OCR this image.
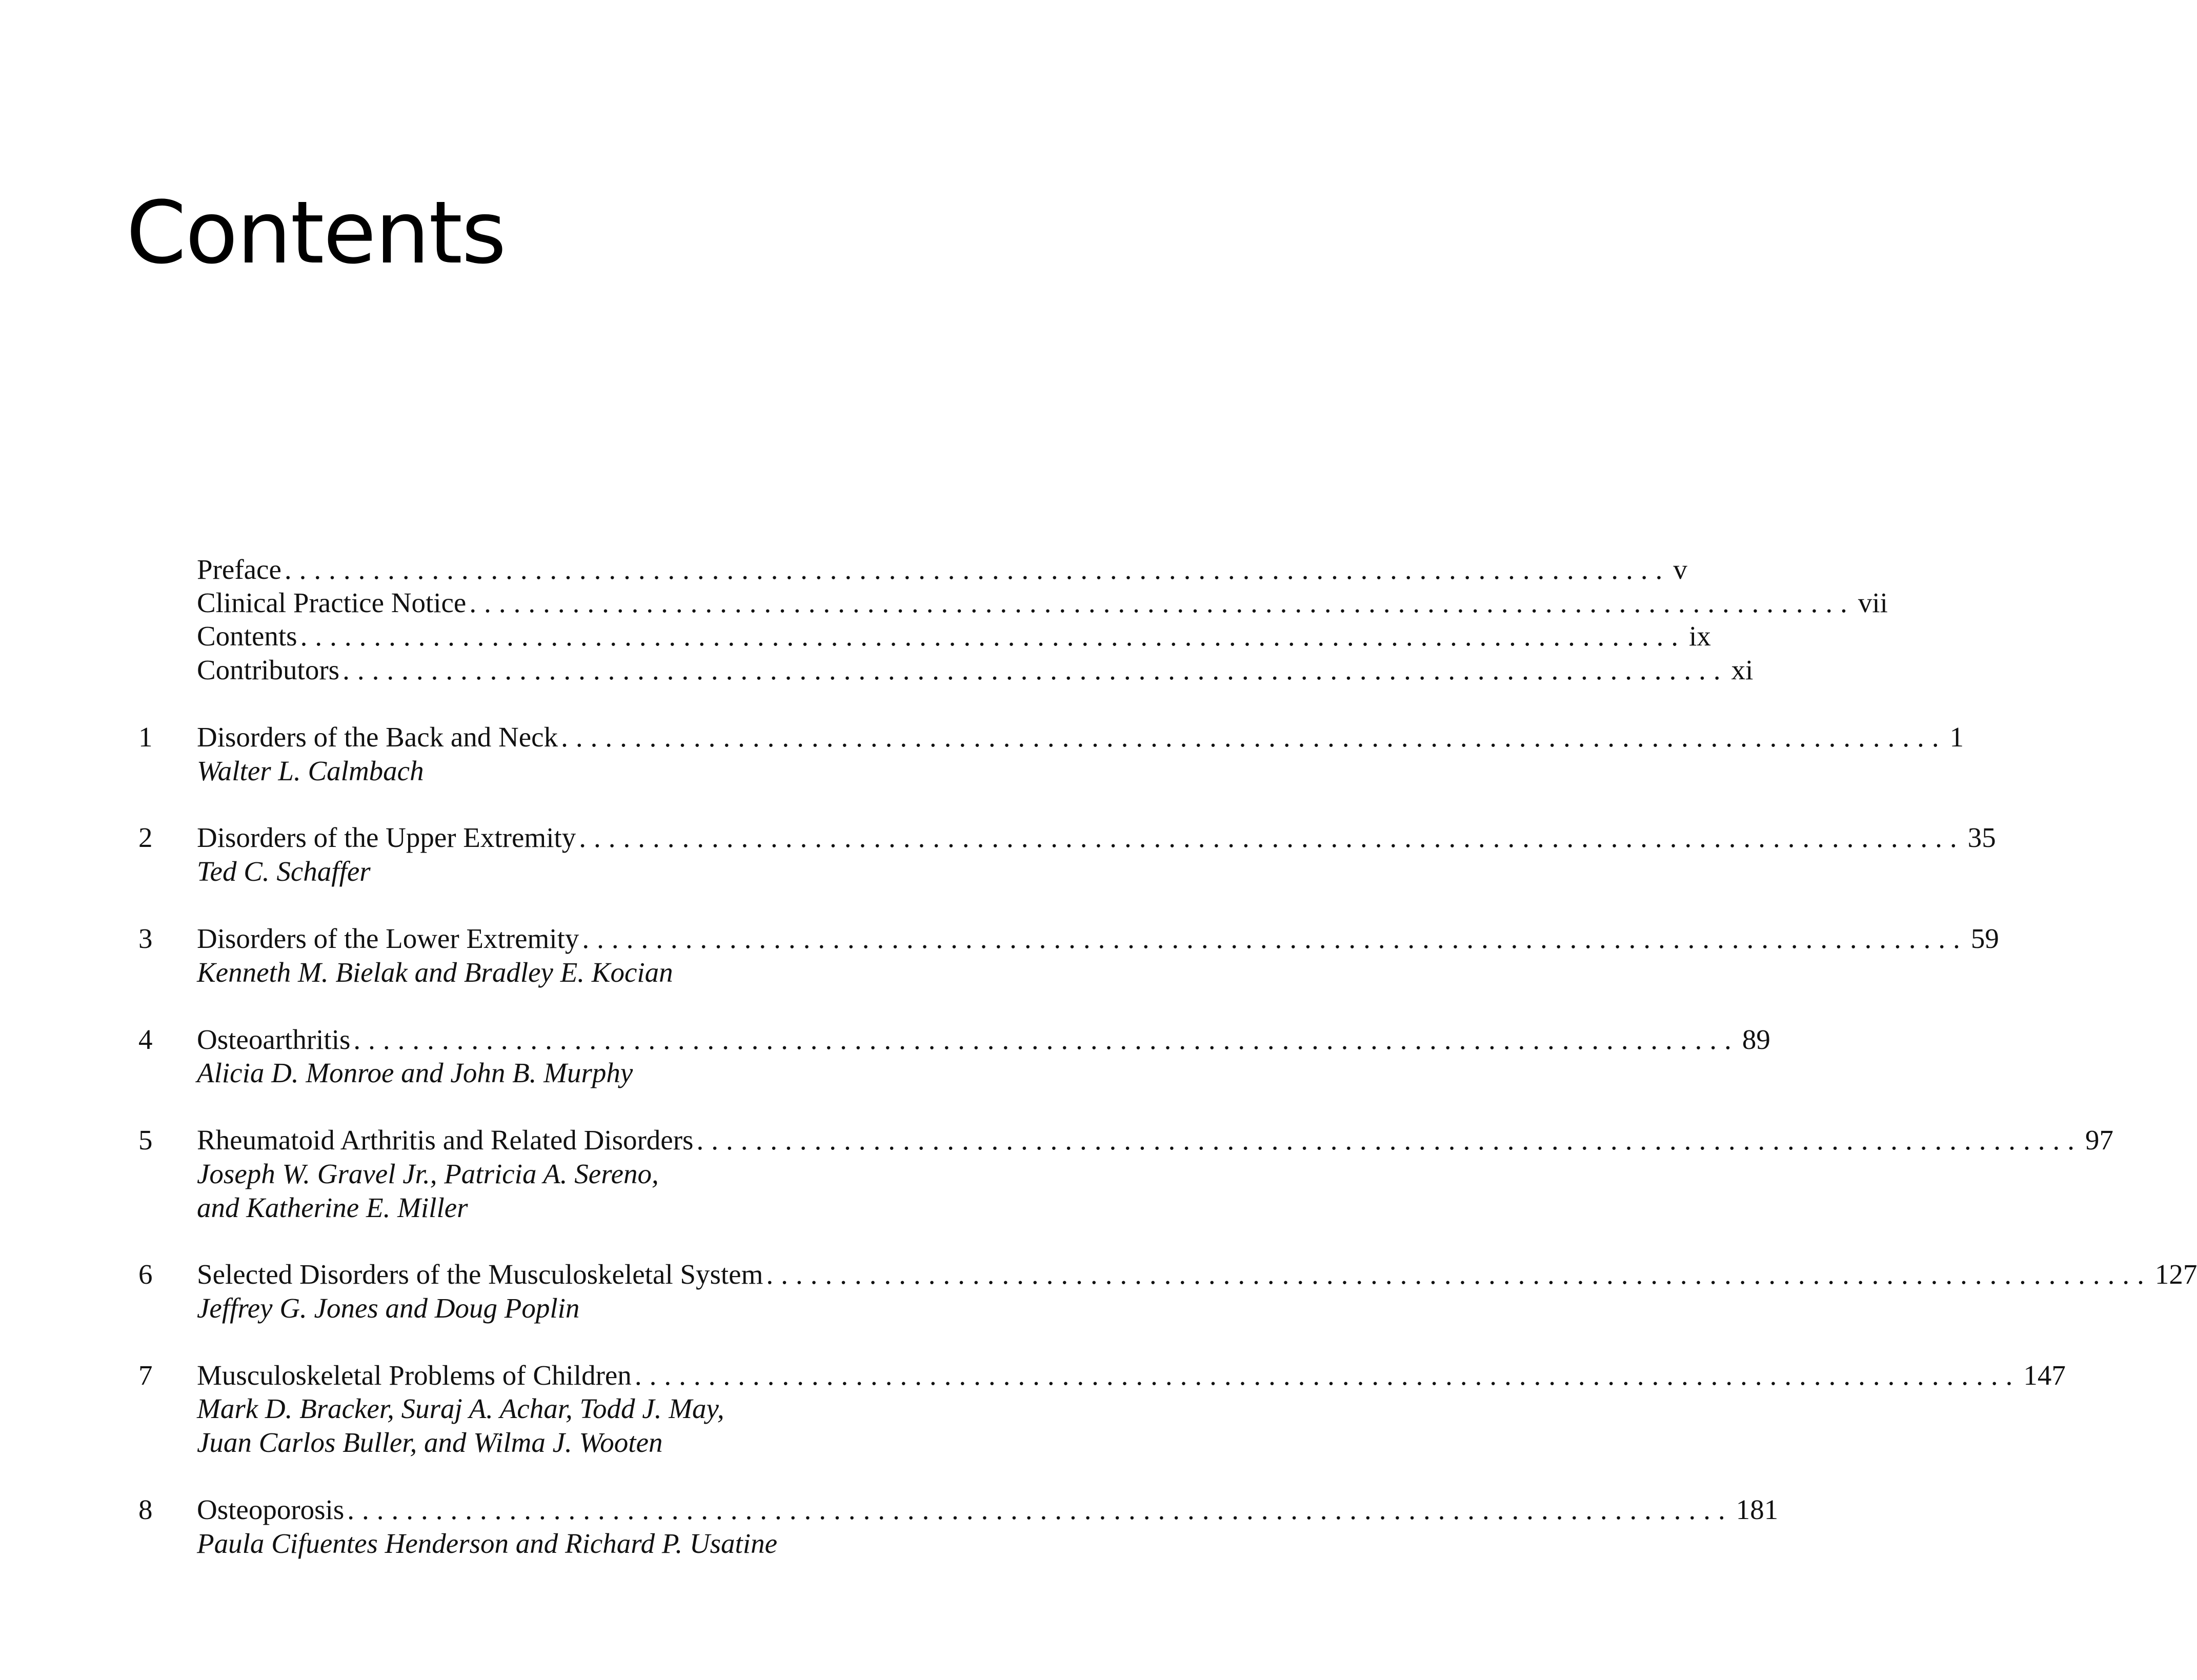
Contents
Preface .............................................................................................. v
Clinical Practice Notice .............................................................................................. vii
Contents .............................................................................................. ix
Contributors .............................................................................................. xi
1	Disorders of the Back and Neck .............................................................................................. 1
Walter L. Calmbach
2	Disorders of the Upper Extremity .............................................................................................. 35
Ted C. Schaffer
3	Disorders of the Lower Extremity .............................................................................................. 59
Kenneth M. Bielak and Bradley E. Kocian
4	Osteoarthritis .............................................................................................. 89
Alicia D. Monroe and John B. Murphy
5	Rheumatoid Arthritis and Related Disorders .............................................................................................. 97
Joseph W. Gravel Jr., Patricia A. Sereno,
and Katherine E. Miller
6	Selected Disorders of the Musculoskeletal System .............................................................................................. 127
Jeffrey G. Jones and Doug Poplin
7	Musculoskeletal Problems of Children .............................................................................................. 147
Mark D. Bracker, Suraj A. Achar, Todd J. May,
Juan Carlos Buller, and Wilma J. Wooten
8	Osteoporosis .............................................................................................. 181
Paula Cifuentes Henderson and Richard P. Usatine
